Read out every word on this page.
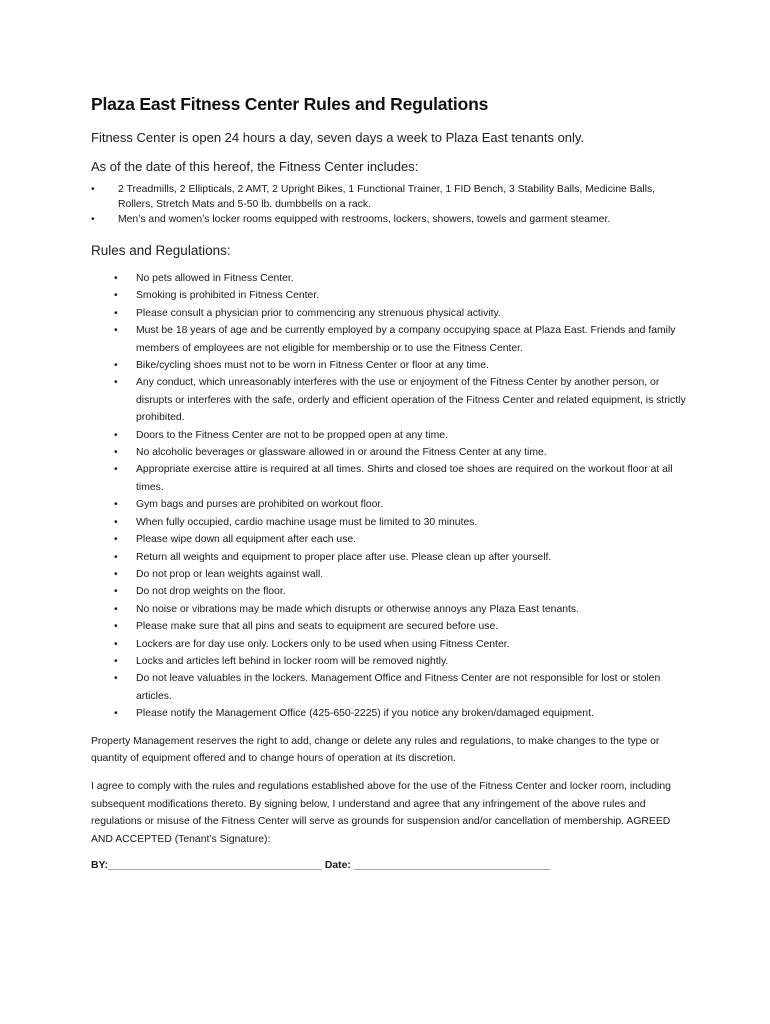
Plaza East Fitness Center Rules and Regulations

Fitness Center is open 24 hours a day, seven days a week to Plaza East tenants only.

As of the date of this hereof, the Fitness Center includes:

• 2 Treadmills, 2 Ellipticals, 2 AMT, 2 Upright Bikes, 1 Functional Trainer, 1 FID Bench, 3 Stability Balls, Medicine Balls, Rollers, Stretch Mats and 5-50 lb. dumbbells on a rack.
• Men’s and women’s locker rooms equipped with restrooms, lockers, showers, towels and garment steamer.

Rules and Regulations:

• No pets allowed in Fitness Center.
• Smoking is prohibited in Fitness Center.
• Please consult a physician prior to commencing any strenuous physical activity.
• Must be 18 years of age and be currently employed by a company occupying space at Plaza East. Friends and family members of employees are not eligible for membership or to use the Fitness Center.
• Bike/cycling shoes must not to be worn in Fitness Center or floor at any time.
• Any conduct, which unreasonably interferes with the use or enjoyment of the Fitness Center by another person, or disrupts or interferes with the safe, orderly and efficient operation of the Fitness Center and related equipment, is strictly prohibited.
• Doors to the Fitness Center are not to be propped open at any time.
• No alcoholic beverages or glassware allowed in or around the Fitness Center at any time.
• Appropriate exercise attire is required at all times. Shirts and closed toe shoes are required on the workout floor at all times.
• Gym bags and purses are prohibited on workout floor.
• When fully occupied, cardio machine usage must be limited to 30 minutes.
• Please wipe down all equipment after each use.
• Return all weights and equipment to proper place after use. Please clean up after yourself.
• Do not prop or lean weights against wall.
• Do not drop weights on the floor.
• No noise or vibrations may be made which disrupts or otherwise annoys any Plaza East tenants.
• Please make sure that all pins and seats to equipment are secured before use.
• Lockers are for day use only. Lockers only to be used when using Fitness Center.
• Locks and articles left behind in locker room will be removed nightly.
• Do not leave valuables in the lockers. Management Office and Fitness Center are not responsible for lost or stolen articles.
• Please notify the Management Office (425-650-2225) if you notice any broken/damaged equipment.

Property Management reserves the right to add, change or delete any rules and regulations, to make changes to the type or quantity of equipment offered and to change hours of operation at its discretion.

I agree to comply with the rules and regulations established above for the use of the Fitness Center and locker room, including subsequent modifications thereto. By signing below, I understand and agree that any infringement of the above rules and regulations or misuse of the Fitness Center will serve as grounds for suspension and/or cancellation of membership. AGREED AND ACCEPTED (Tenant’s Signature):

BY:_____________________________________ Date: __________________________________
